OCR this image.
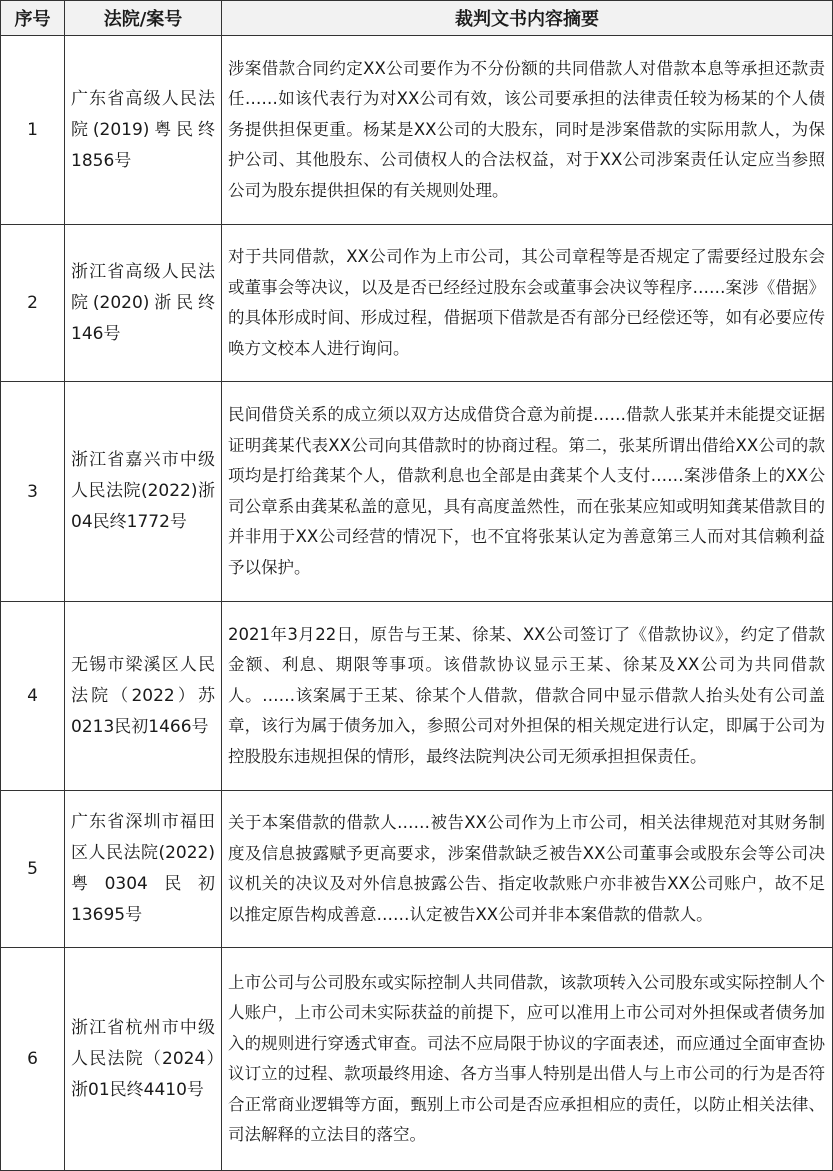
序号	法院/案号	裁判文书内容摘要
1	广东省高级人民法院(2019)粤民终1856号	涉案借款合同约定XX公司要作为不分份额的共同借款人对借款本息等承担还款责任……如该代表行为对XX公司有效，该公司要承担的法律责任较为杨某的个人债务提供担保更重。杨某是XX公司的大股东，同时是涉案借款的实际用款人，为保护公司、其他股东、公司债权人的合法权益，对于XX公司涉案责任认定应当参照公司为股东提供担保的有关规则处理。
2	浙江省高级人民法院(2020)浙民终146号	对于共同借款，XX公司作为上市公司，其公司章程等是否规定了需要经过股东会或董事会等决议，以及是否已经经过股东会或董事会决议等程序……案涉《借据》的具体形成时间、形成过程，借据项下借款是否有部分已经偿还等，如有必要应传唤方文校本人进行询问。
3	浙江省嘉兴市中级人民法院(2022)浙04民终1772号	民间借贷关系的成立须以双方达成借贷合意为前提……借款人张某并未能提交证据证明龚某代表XX公司向其借款时的协商过程。第二，张某所谓出借给XX公司的款项均是打给龚某个人，借款利息也全部是由龚某个人支付……案涉借条上的XX公司公章系由龚某私盖的意见，具有高度盖然性，而在张某应知或明知龚某借款目的并非用于XX公司经营的情况下，也不宜将张某认定为善意第三人而对其信赖利益予以保护。
4	无锡市梁溪区人民法院（2022）苏0213民初1466号	2021年3月22日，原告与王某、徐某、XX公司签订了《借款协议》，约定了借款金额、利息、期限等事项。该借款协议显示王某、徐某及XX公司为共同借款人。……该案属于王某、徐某个人借款，借款合同中显示借款人抬头处有公司盖章，该行为属于债务加入，参照公司对外担保的相关规定进行认定，即属于公司为控股股东违规担保的情形，最终法院判决公司无须承担担保责任。
5	广东省深圳市福田区人民法院(2022)粤0304民初13695号	关于本案借款的借款人……被告XX公司作为上市公司，相关法律规范对其财务制度及信息披露赋予更高要求，涉案借款缺乏被告XX公司董事会或股东会等公司决议机关的决议及对外信息披露公告、指定收款账户亦非被告XX公司账户，故不足以推定原告构成善意……认定被告XX公司并非本案借款的借款人。
6	浙江省杭州市中级人民法院（2024）浙01民终4410号	上市公司与公司股东或实际控制人共同借款，该款项转入公司股东或实际控制人个人账户，上市公司未实际获益的前提下，应可以准用上市公司对外担保或者债务加入的规则进行穿透式审查。司法不应局限于协议的字面表述，而应通过全面审查协议订立的过程、款项最终用途、各方当事人特别是出借人与上市公司的行为是否符合正常商业逻辑等方面，甄别上市公司是否应承担相应的责任，以防止相关法律、司法解释的立法目的落空。
